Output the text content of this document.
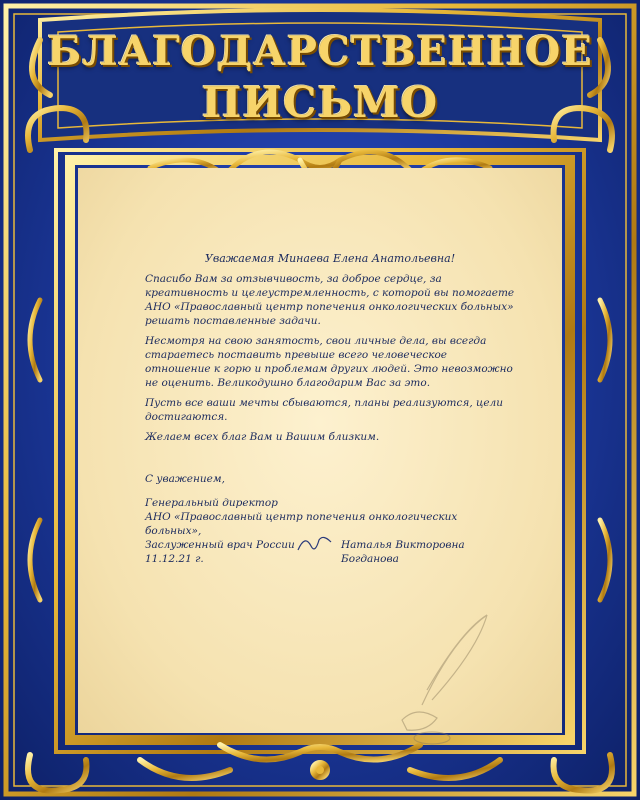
БЛАГОДАРСТВЕННОЕ
ПИСЬМО

Уважаемая Минаева Елена Анатольевна!

Спасибо Вам за отзывчивость, за доброе сердце, за креативность и целеустремленность, с которой вы помогаете АНО «Православный центр попечения онкологических больных» решать поставленные задачи.

Несмотря на свою занятость, свои личные дела, вы всегда стараетесь поставить превыше всего человеческое отношение к горю и проблемам других людей. Это невозможно не оценить. Великодушно благодарим Вас за это.

Пусть все ваши мечты сбываются, планы реализуются, цели достигаются.

Желаем всех благ Вам и Вашим близким.

С уважением,
Генеральный директор
АНО «Православный центр попечения онкологических больных»,
Заслуженный врач России	Наталья Викторовна Богданова
11.12.21 г.
